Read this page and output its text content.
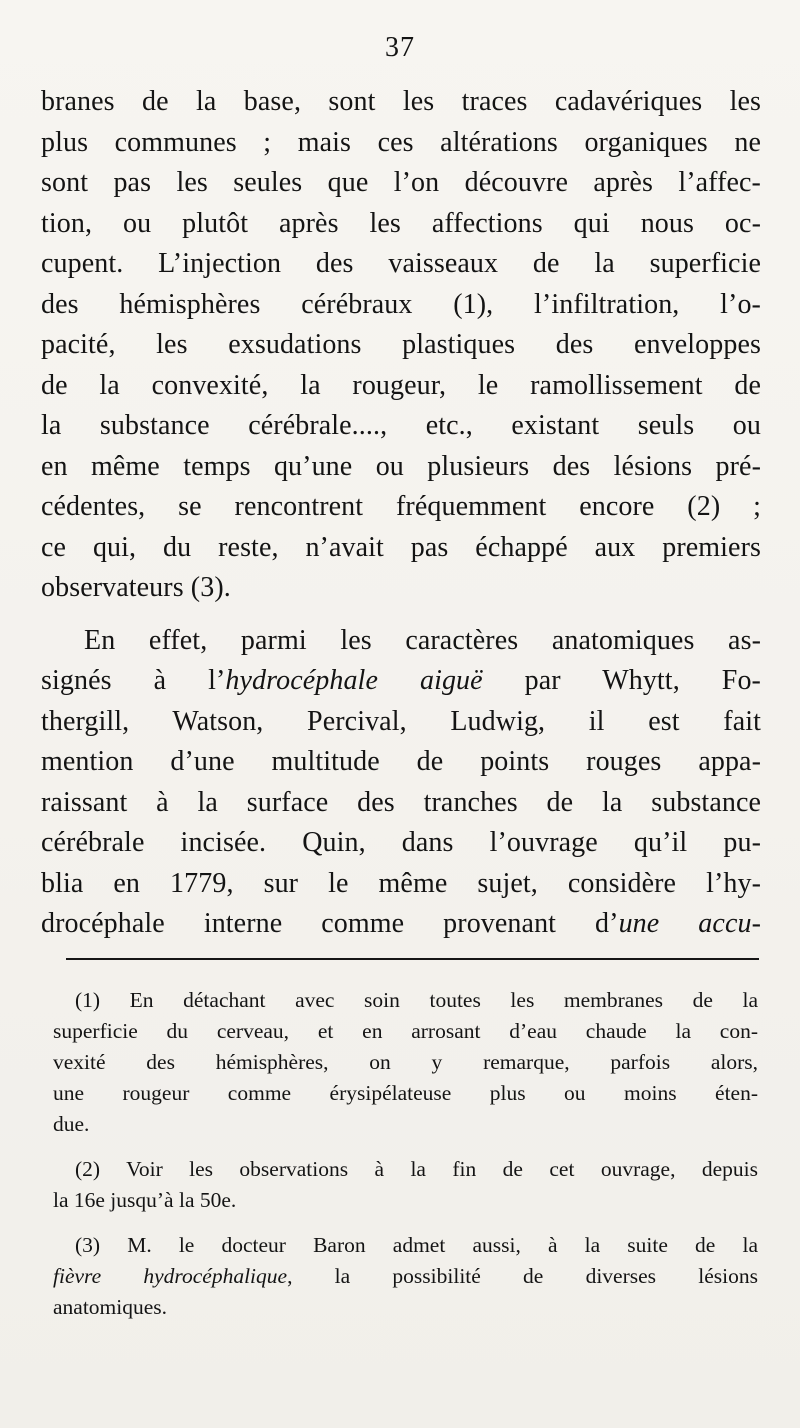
37
branes de la base, sont les traces cadavériques les
plus communes ; mais ces altérations organiques ne
sont pas les seules que l’on découvre après l’affec-
tion, ou plutôt après les affections qui nous oc-
cupent. L’injection des vaisseaux de la superficie
des hémisphères cérébraux (1), l’infiltration, l’o-
pacité, les exsudations plastiques des enveloppes
de la convexité, la rougeur, le ramollissement de
la substance cérébrale...., etc., existant seuls ou
en même temps qu’une ou plusieurs des lésions pré-
cédentes, se rencontrent fréquemment encore (2) ;
ce qui, du reste, n’avait pas échappé aux premiers
observateurs (3).
En effet, parmi les caractères anatomiques as-
signés à l’hydrocéphale aiguë par Whytt, Fo-
thergill, Watson, Percival, Ludwig, il est fait
mention d’une multitude de points rouges appa-
raissant à la surface des tranches de la substance
cérébrale incisée. Quin, dans l’ouvrage qu’il pu-
blia en 1779, sur le même sujet, considère l’hy-
drocéphale interne comme provenant d’une accu-
(1) En détachant avec soin toutes les membranes de la
superficie du cerveau, et en arrosant d’eau chaude la con-
vexité des hémisphères, on y remarque, parfois alors,
une rougeur comme érysipélateuse plus ou moins éten-
due.
(2) Voir les observations à la fin de cet ouvrage, depuis
la 16e jusqu’à la 50e.
(3) M. le docteur Baron admet aussi, à la suite de la
fièvre hydrocéphalique, la possibilité de diverses lésions
anatomiques.
